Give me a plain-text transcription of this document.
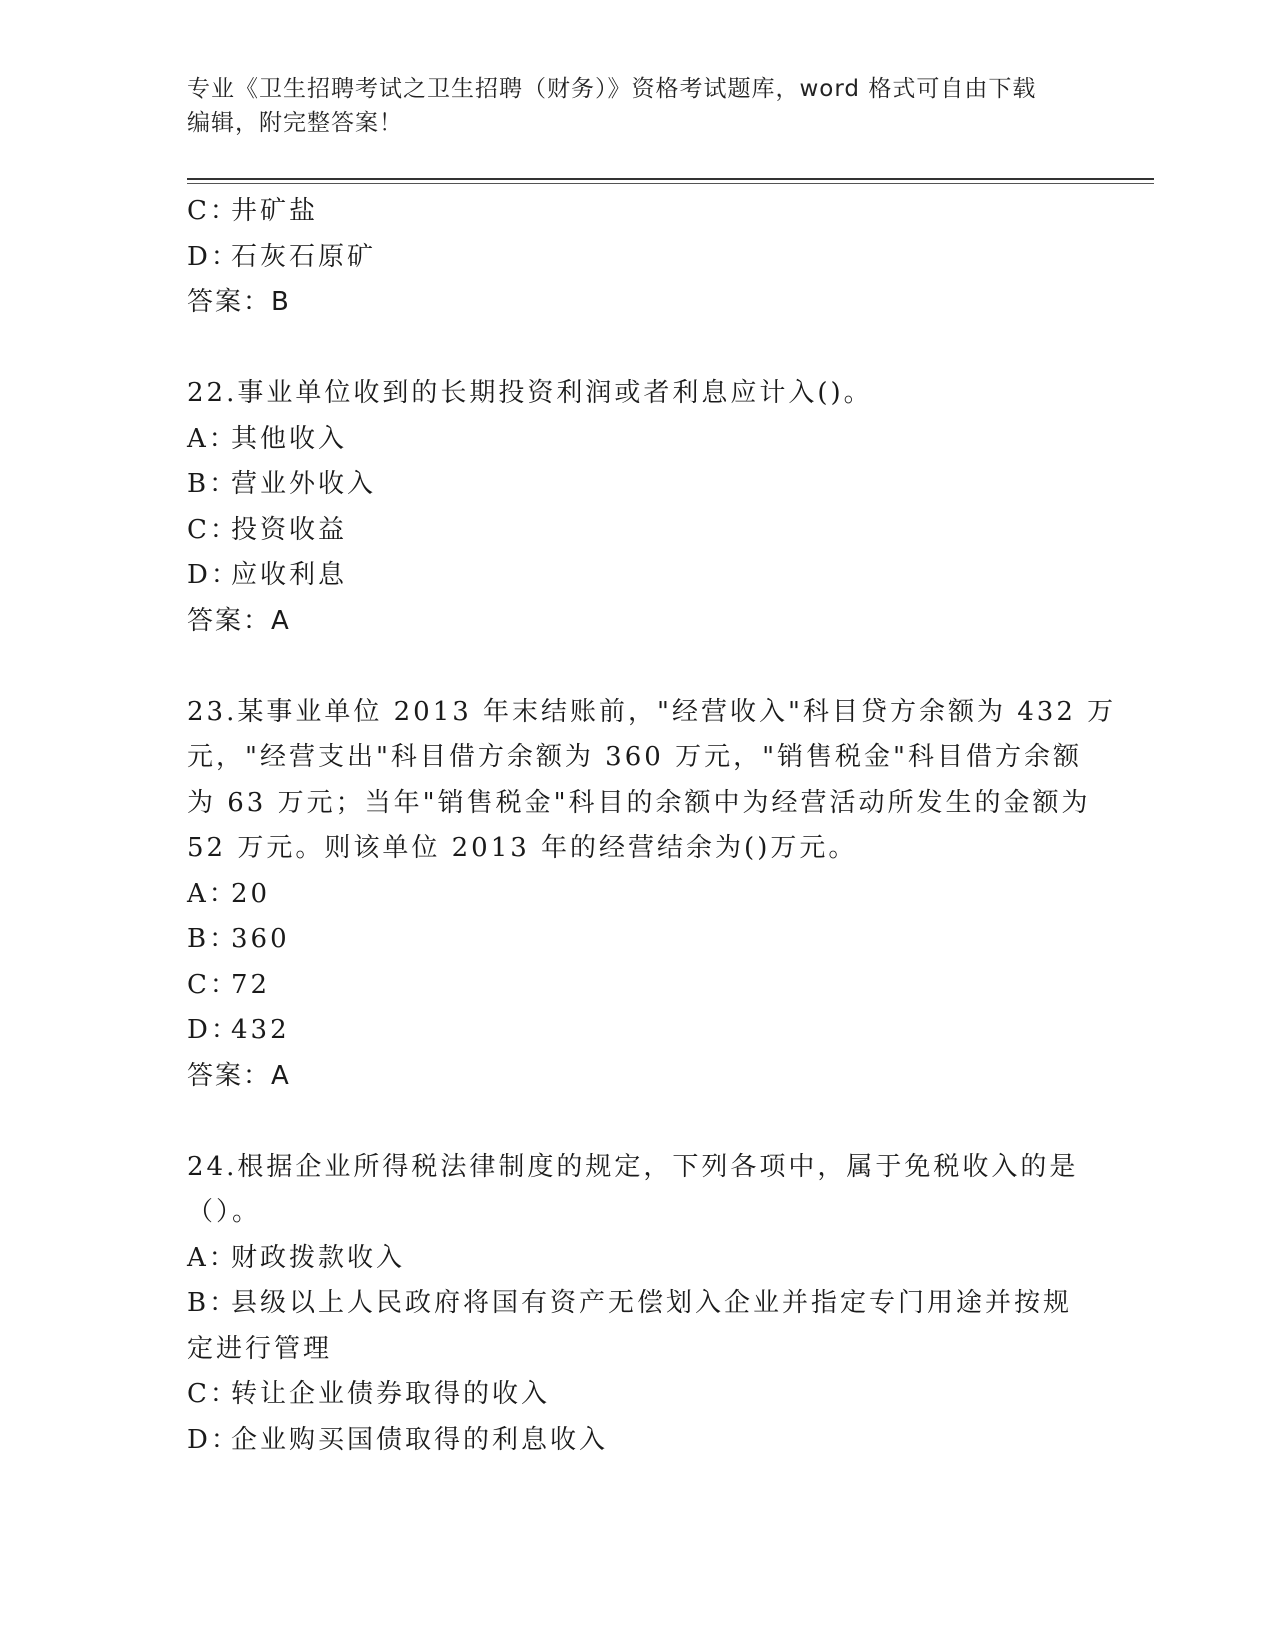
专业《卫生招聘考试之卫生招聘（财务）》资格考试题库，word 格式可自由下载
编辑，附完整答案！
C：井矿盐
D：石灰石原矿
答案：B
22.事业单位收到的长期投资利润或者利息应计入()。
A：其他收入
B：营业外收入
C：投资收益
D：应收利息
答案：A
23.某事业单位 2013 年末结账前，"经营收入"科目贷方余额为 432 万
元，"经营支出"科目借方余额为 360 万元，"销售税金"科目借方余额
为 63 万元；当年"销售税金"科目的余额中为经营活动所发生的金额为
52 万元。则该单位 2013 年的经营结余为()万元。
A：20
B：360
C：72
D：432
答案：A
24.根据企业所得税法律制度的规定，下列各项中，属于免税收入的是
（）。
A：财政拨款收入
B：县级以上人民政府将国有资产无偿划入企业并指定专门用途并按规
定进行管理
C：转让企业债券取得的收入
D：企业购买国债取得的利息收入
